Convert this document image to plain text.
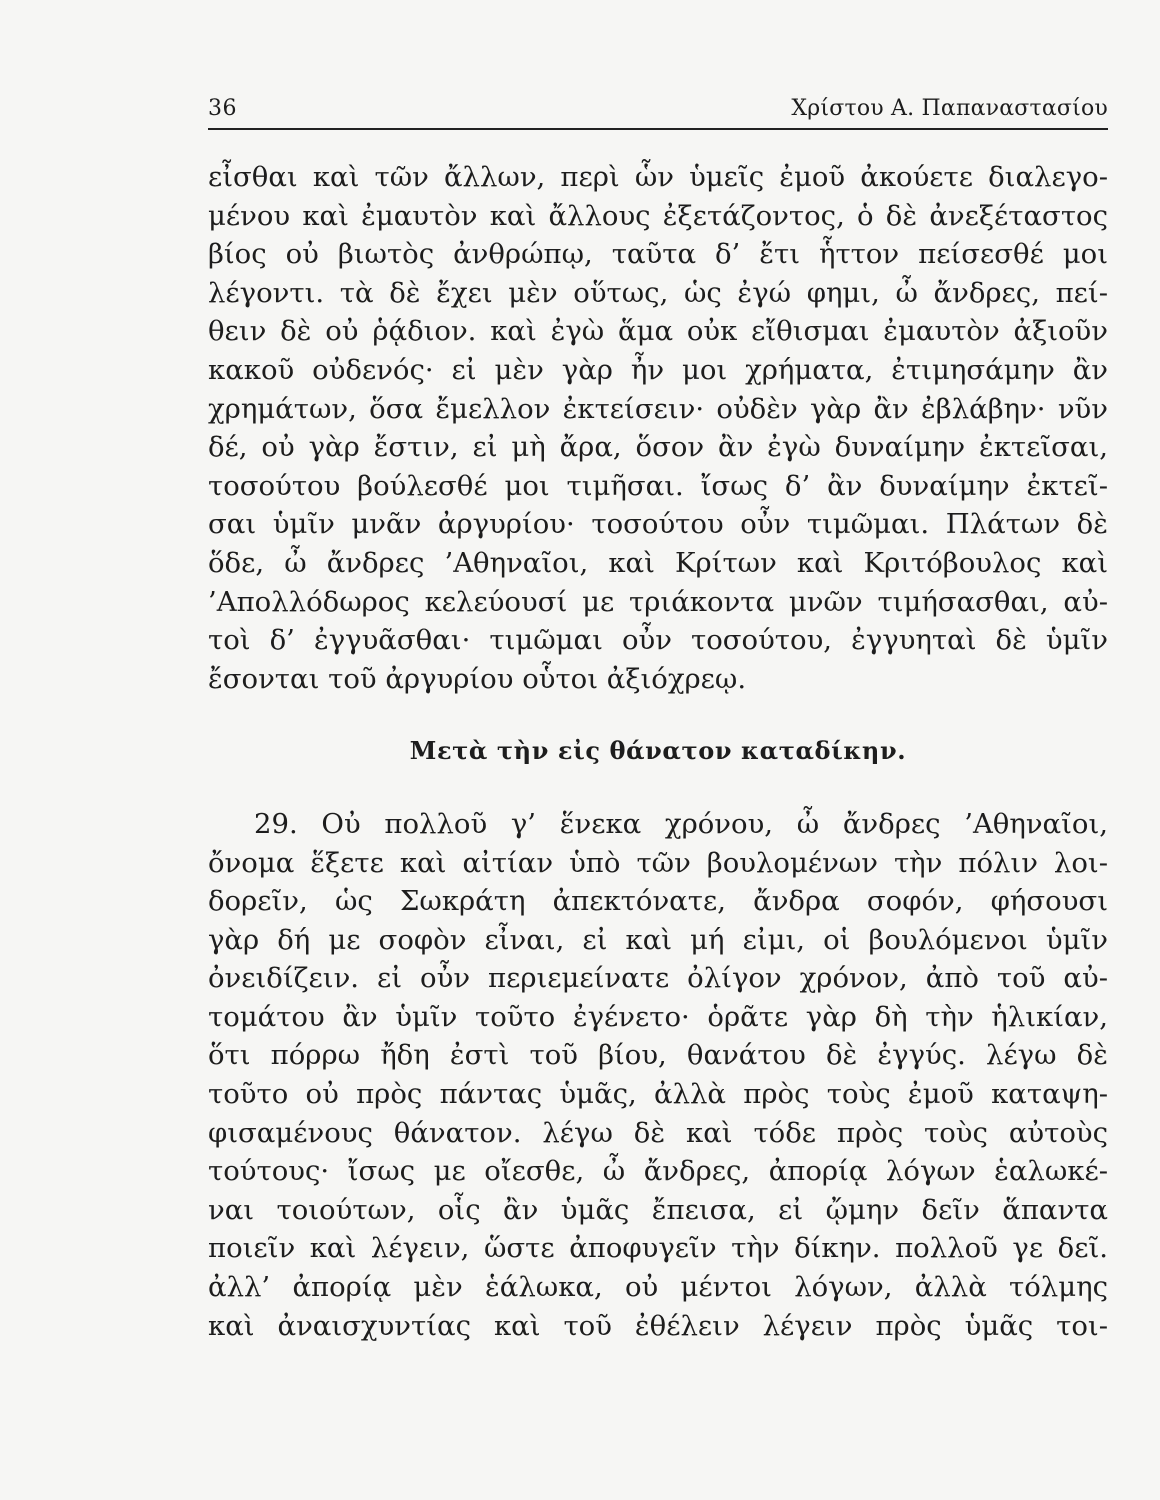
36	Χρίστου Α. Παπαναστασίου
εἶσθαι καὶ τῶν ἄλλων, περὶ ὧν ὑμεῖς ἐμοῦ ἀκούετε διαλεγο-
μένου καὶ ἐμαυτὸν καὶ ἄλλους ἐξετάζοντος, ὁ δὲ ἀνεξέταστος
βίος οὐ βιωτὸς ἀνθρώπῳ, ταῦτα δ’ ἔτι ἧττον πείσεσθέ μοι
λέγοντι. τὰ δὲ ἔχει μὲν οὕτως, ὡς ἐγώ φημι, ὦ ἄνδρες, πεί-
θειν δὲ οὐ ῥᾴδιον. καὶ ἐγὼ ἅμα οὐκ εἴθισμαι ἐμαυτὸν ἀξιοῦν
κακοῦ οὐδενός· εἰ μὲν γὰρ ἦν μοι χρήματα, ἐτιμησάμην ἂν
χρημάτων, ὅσα ἔμελλον ἐκτείσειν· οὐδὲν γὰρ ἂν ἐβλάβην· νῦν
δέ, οὐ γὰρ ἔστιν, εἰ μὴ ἄρα, ὅσον ἂν ἐγὼ δυναίμην ἐκτεῖσαι,
τοσούτου βούλεσθέ μοι τιμῆσαι. ἴσως δ’ ἂν δυναίμην ἐκτεῖ-
σαι ὑμῖν μνᾶν ἀργυρίου· τοσούτου οὖν τιμῶμαι. Πλάτων δὲ
ὅδε, ὦ ἄνδρες ’Αθηναῖοι, καὶ Κρίτων καὶ Κριτόβουλος καὶ
’Απολλόδωρος κελεύουσί με τριάκοντα μνῶν τιμήσασθαι, αὐ-
τοὶ δ’ ἐγγυᾶσθαι· τιμῶμαι οὖν τοσούτου, ἐγγυηταὶ δὲ ὑμῖν
ἔσονται τοῦ ἀργυρίου οὗτοι ἀξιόχρεῳ.
Μετὰ τὴν εἰς θάνατον καταδίκην.
29. Οὐ πολλοῦ γ’ ἕνεκα χρόνου, ὦ ἄνδρες ’Αθηναῖοι,
ὄνομα ἕξετε καὶ αἰτίαν ὑπὸ τῶν βουλομένων τὴν πόλιν λοι-
δορεῖν, ὡς Σωκράτη ἀπεκτόνατε, ἄνδρα σοφόν, φήσουσι
γὰρ δή με σοφὸν εἶναι, εἰ καὶ μή εἰμι, οἱ βουλόμενοι ὑμῖν
ὀνειδίζειν. εἰ οὖν περιεμείνατε ὀλίγον χρόνον, ἀπὸ τοῦ αὐ-
τομάτου ἂν ὑμῖν τοῦτο ἐγένετο· ὁρᾶτε γὰρ δὴ τὴν ἡλικίαν,
ὅτι πόρρω ἤδη ἐστὶ τοῦ βίου, θανάτου δὲ ἐγγύς. λέγω δὲ
τοῦτο οὐ πρὸς πάντας ὑμᾶς, ἀλλὰ πρὸς τοὺς ἐμοῦ καταψη-
φισαμένους θάνατον. λέγω δὲ καὶ τόδε πρὸς τοὺς αὐτοὺς
τούτους· ἴσως με οἴεσθε, ὦ ἄνδρες, ἀπορίᾳ λόγων ἑαλωκέ-
ναι τοιούτων, οἷς ἂν ὑμᾶς ἔπεισα, εἰ ᾤμην δεῖν ἅπαντα
ποιεῖν καὶ λέγειν, ὥστε ἀποφυγεῖν τὴν δίκην. πολλοῦ γε δεῖ.
ἀλλ’ ἀπορίᾳ μὲν ἑάλωκα, οὐ μέντοι λόγων, ἀλλὰ τόλμης
καὶ ἀναισχυντίας καὶ τοῦ ἐθέλειν λέγειν πρὸς ὑμᾶς τοι-
